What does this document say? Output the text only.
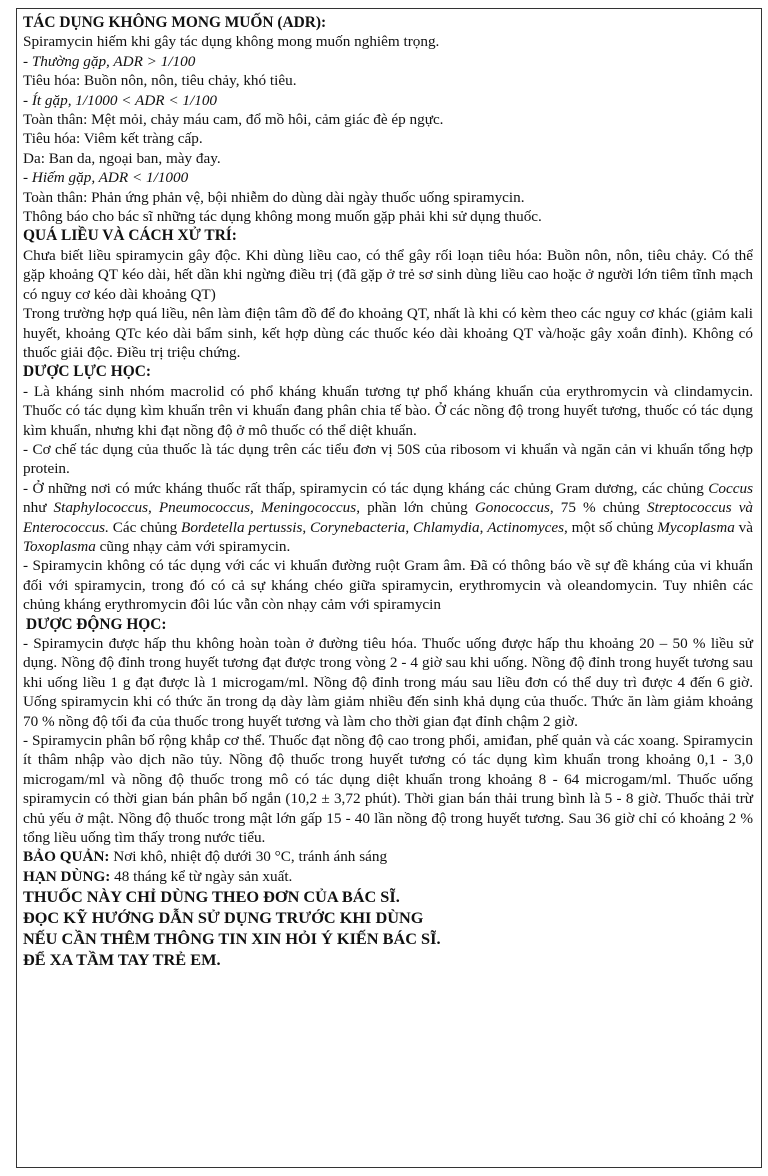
TÁC DỤNG KHÔNG MONG MUỐN (ADR):

Spiramycin hiếm khi gây tác dụng không mong muốn nghiêm trọng.

- Thường gặp, ADR > 1/100

Tiêu hóa: Buồn nôn, nôn, tiêu chảy, khó tiêu.

- Ít gặp, 1/1000 < ADR < 1/100

Toàn thân: Mệt mỏi, chảy máu cam, đổ mồ hôi, cảm giác đè ép ngực.

Tiêu hóa: Viêm kết tràng cấp.

Da: Ban da, ngoại ban, mày đay.

- Hiếm gặp, ADR < 1/1000

Toàn thân: Phản ứng phản vệ, bội nhiễm do dùng dài ngày thuốc uống spiramycin.

Thông báo cho bác sĩ những tác dụng không mong muốn gặp phải khi sử dụng thuốc.

QUÁ LIỀU VÀ CÁCH XỬ TRÍ:

Chưa biết liều spiramycin gây độc. Khi dùng liều cao, có thể gây rối loạn tiêu hóa: Buồn nôn, nôn, tiêu chảy. Có thể gặp khoảng QT kéo dài, hết dần khi ngừng điều trị (đã gặp ở trẻ sơ sinh dùng liều cao hoặc ở người lớn tiêm tĩnh mạch có nguy cơ kéo dài khoảng QT)

Trong trường hợp quá liều, nên làm điện tâm đồ để đo khoảng QT, nhất là khi có kèm theo các nguy cơ khác (giảm kali huyết, khoảng QTc kéo dài bẩm sinh, kết hợp dùng các thuốc kéo dài khoảng QT và/hoặc gây xoắn đỉnh). Không có thuốc giải độc. Điều trị triệu chứng.

DƯỢC LỰC HỌC:

- Là kháng sinh nhóm macrolid có phổ kháng khuẩn tương tự phổ kháng khuẩn của erythromycin và clindamycin. Thuốc có tác dụng kìm khuẩn trên vi khuẩn đang phân chia tế bào. Ở các nồng độ trong huyết tương, thuốc có tác dụng kìm khuẩn, nhưng khi đạt nồng độ ở mô thuốc có thể diệt khuẩn.

- Cơ chế tác dụng của thuốc là tác dụng trên các tiểu đơn vị 50S của ribosom vi khuẩn và ngăn cản vi khuẩn tổng hợp protein.

- Ở những nơi có mức kháng thuốc rất thấp, spiramycin có tác dụng kháng các chủng Gram dương, các chủng Coccus như Staphylococcus, Pneumococcus, Meningococcus, phần lớn chủng Gonococcus, 75 % chủng Streptococcus và Enterococcus. Các chủng Bordetella pertussis, Corynebacteria, Chlamydia, Actinomyces, một số chủng Mycoplasma và Toxoplasma cũng nhạy cảm với spiramycin.

- Spiramycin không có tác dụng với các vi khuẩn đường ruột Gram âm. Đã có thông báo về sự đề kháng của vi khuẩn đối với spiramycin, trong đó có cả sự kháng chéo giữa spiramycin, erythromycin và oleandomycin. Tuy nhiên các chủng kháng erythromycin đôi lúc vẫn còn nhạy cảm với spiramycin

DƯỢC ĐỘNG HỌC:

- Spiramycin được hấp thu không hoàn toàn ở đường tiêu hóa. Thuốc uống được hấp thu khoảng 20 – 50 % liều sử dụng. Nồng độ đỉnh trong huyết tương đạt được trong vòng 2 - 4 giờ sau khi uống. Nồng độ đỉnh trong huyết tương sau khi uống liều 1 g đạt được là 1 microgam/ml. Nồng độ đỉnh trong máu sau liều đơn có thể duy trì được 4 đến 6 giờ. Uống spiramycin khi có thức ăn trong dạ dày làm giảm nhiều đến sinh khả dụng của thuốc. Thức ăn làm giảm khoảng 70 % nồng độ tối đa của thuốc trong huyết tương và làm cho thời gian đạt đỉnh chậm 2 giờ.

- Spiramycin phân bố rộng khắp cơ thể. Thuốc đạt nồng độ cao trong phổi, amiđan, phế quản và các xoang. Spiramycin ít thâm nhập vào dịch não tủy. Nồng độ thuốc trong huyết tương có tác dụng kìm khuẩn trong khoảng 0,1 - 3,0 microgam/ml và nồng độ thuốc trong mô có tác dụng diệt khuẩn trong khoảng 8 - 64 microgam/ml. Thuốc uống spiramycin có thời gian bán phân bố ngắn (10,2 ± 3,72 phút). Thời gian bán thải trung bình là 5 - 8 giờ. Thuốc thải trừ chủ yếu ở mật. Nồng độ thuốc trong mật lớn gấp 15 - 40 lần nồng độ trong huyết tương. Sau 36 giờ chỉ có khoảng 2 % tổng liều uống tìm thấy trong nước tiểu.

BẢO QUẢN: Nơi khô, nhiệt độ dưới 30 °C, tránh ánh sáng

HẠN DÙNG: 48 tháng kể từ ngày sản xuất.

THUỐC NÀY CHỈ DÙNG THEO ĐƠN CỦA BÁC SĨ.

ĐỌC KỸ HƯỚNG DẪN SỬ DỤNG TRƯỚC KHI DÙNG

NẾU CẦN THÊM THÔNG TIN XIN HỎI Ý KIẾN BÁC SĨ.

ĐỂ XA TẦM TAY TRẺ EM.
